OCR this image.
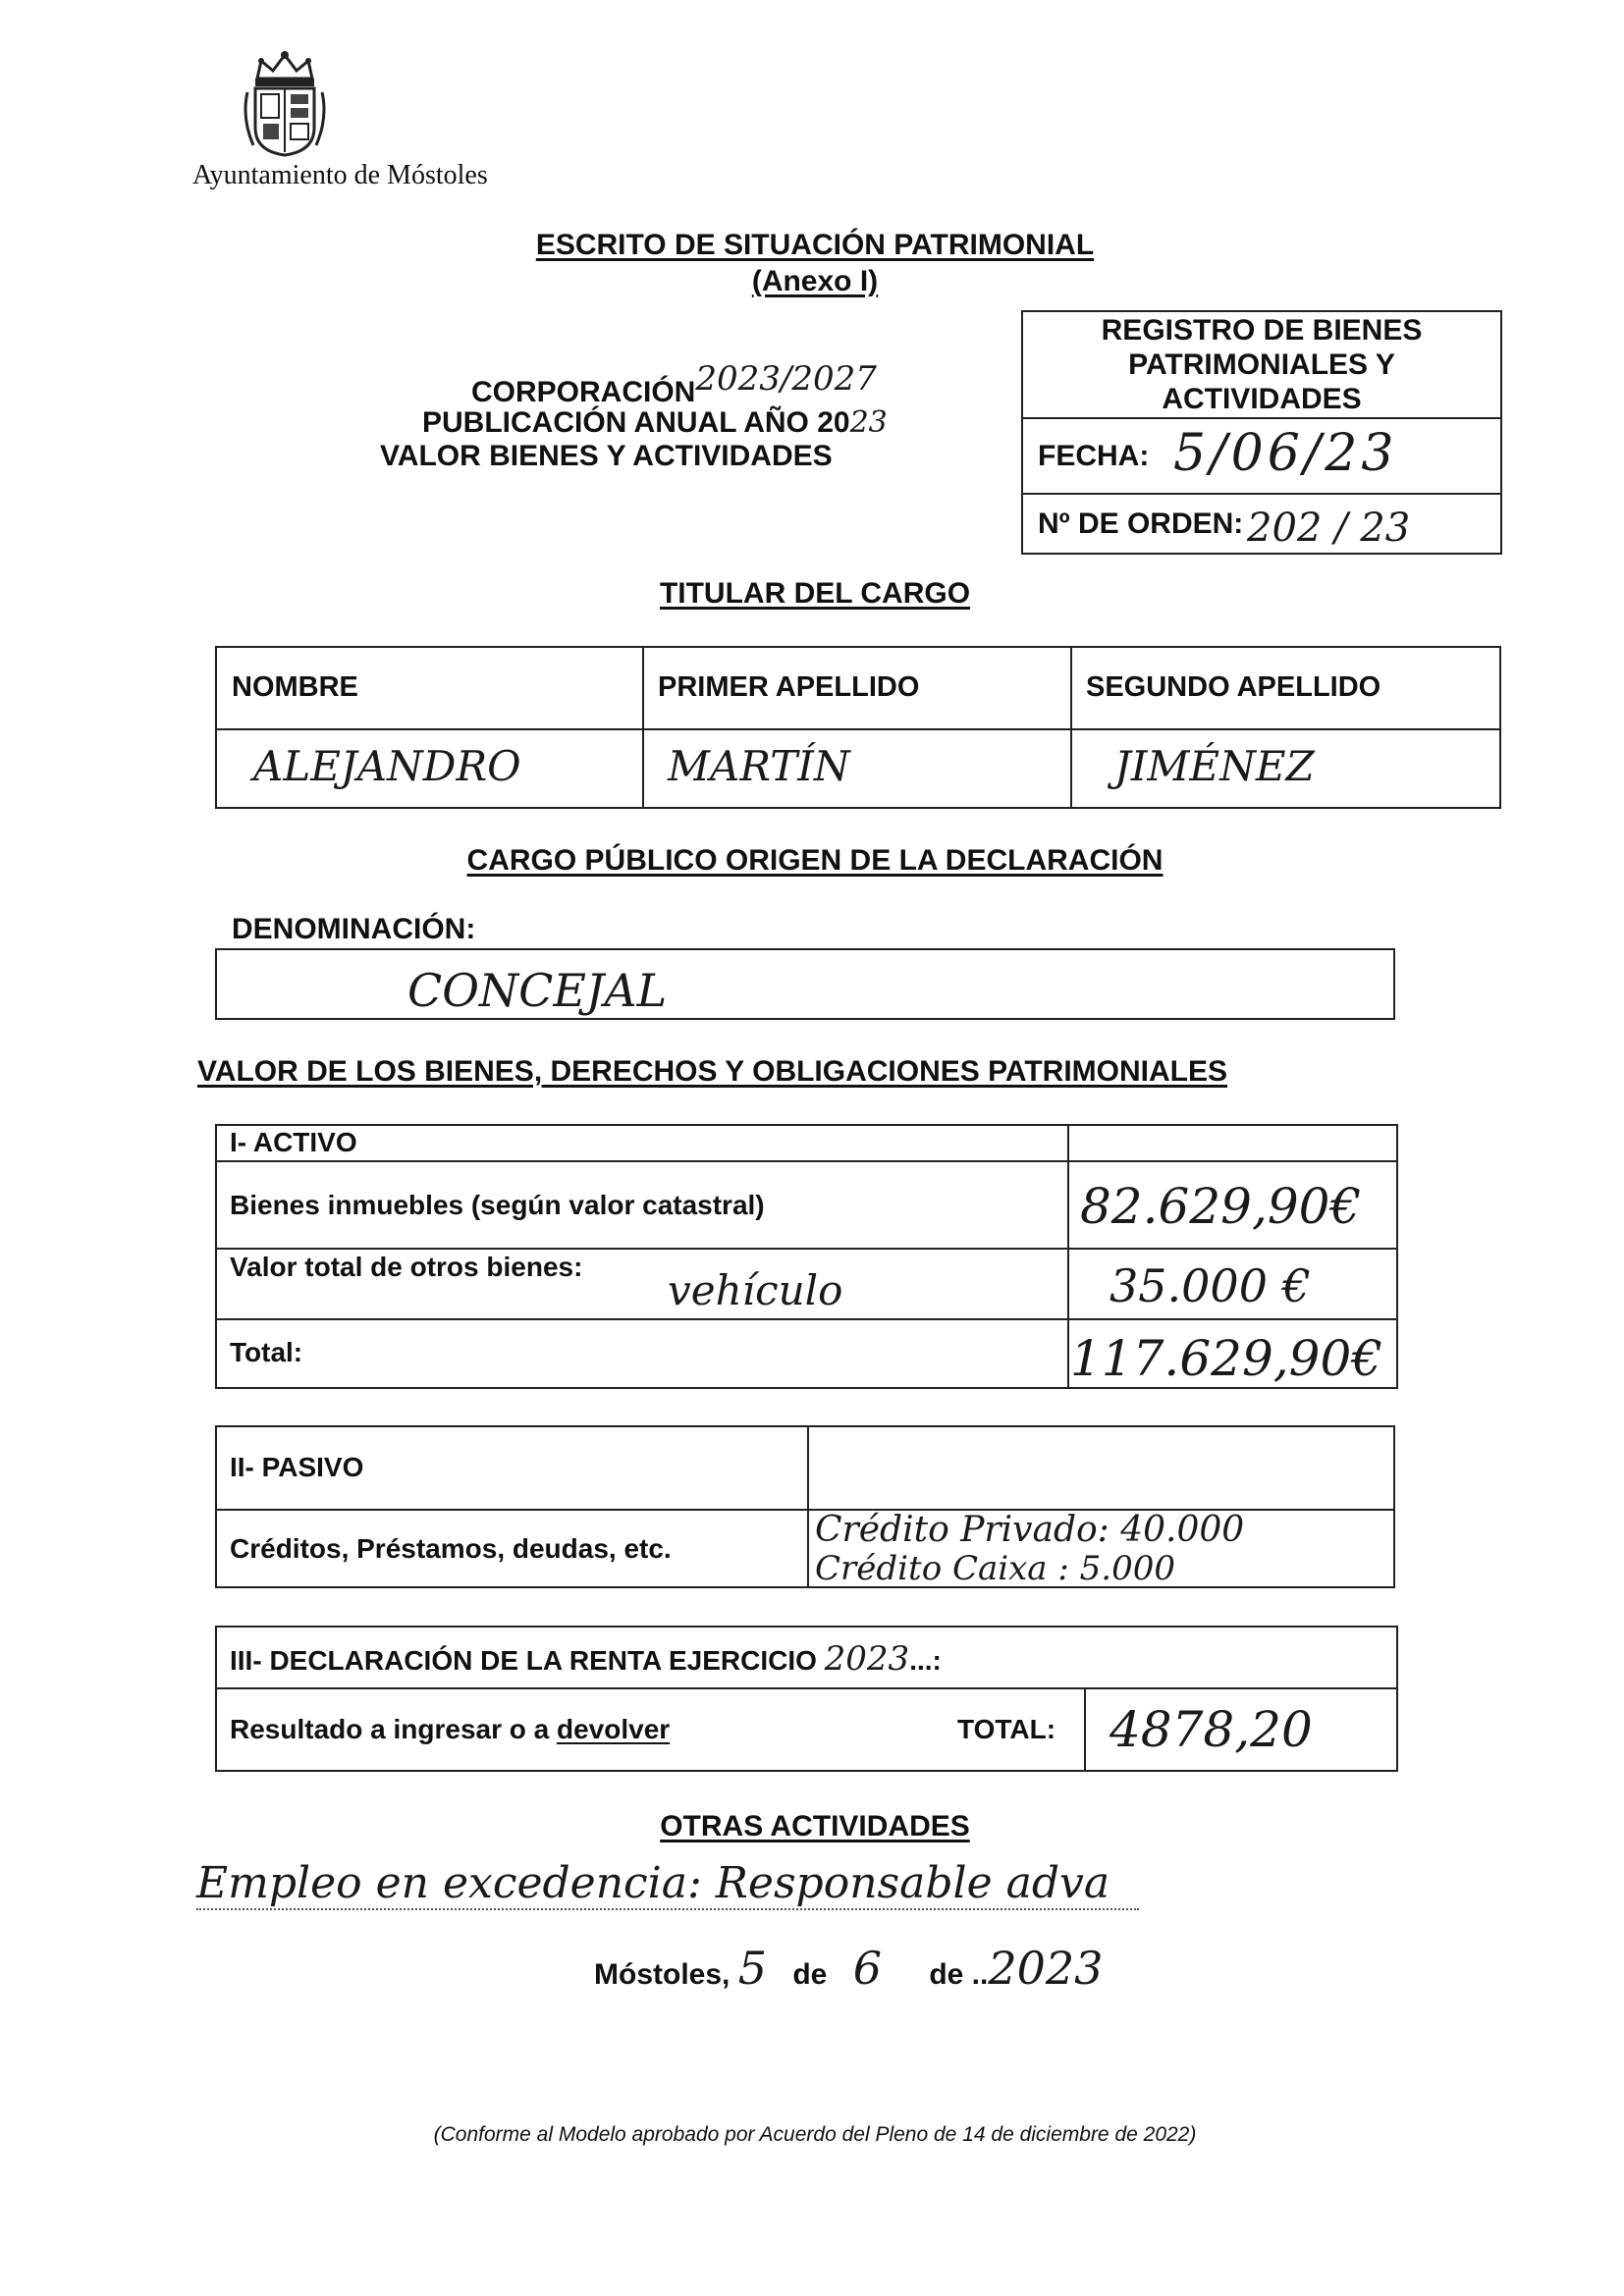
Ayuntamiento de Móstoles
ESCRITO DE SITUACIÓN PATRIMONIAL
(Anexo I)
CORPORACIÓN2023/2027
PUBLICACIÓN ANUAL AÑO 2023
VALOR BIENES Y ACTIVIDADES
REGISTRO DE BIENES
PATRIMONIALES Y
ACTIVIDADES
FECHA: 5/06/23
Nº DE ORDEN: 202 / 23
TITULAR DEL CARGO
NOMBRE	PRIMER APELLIDO	SEGUNDO APELLIDO
ALEJANDRO	MARTÍN	JIMÉNEZ
CARGO PÚBLICO ORIGEN DE LA DECLARACIÓN
DENOMINACIÓN:
CONCEJAL
VALOR DE LOS BIENES, DERECHOS Y OBLIGACIONES PATRIMONIALES
I- ACTIVO
Bienes inmuebles (según valor catastral)	82.629,90€
Valor total de otros bienes: vehículo	35.000 €
Total:	117.629,90€
II- PASIVO
Créditos, Préstamos, deudas, etc.	Crédito Privado: 40.000
Crédito Caixa : 5.000
III- DECLARACIÓN DE LA RENTA EJERCICIO 2023...:
Resultado a ingresar o a devolver	TOTAL: 4878,20
OTRAS ACTIVIDADES
Empleo en excedencia: Responsable adva
Móstoles, 5 de 6 de ..2023
(Conforme al Modelo aprobado por Acuerdo del Pleno de 14 de diciembre de 2022)
